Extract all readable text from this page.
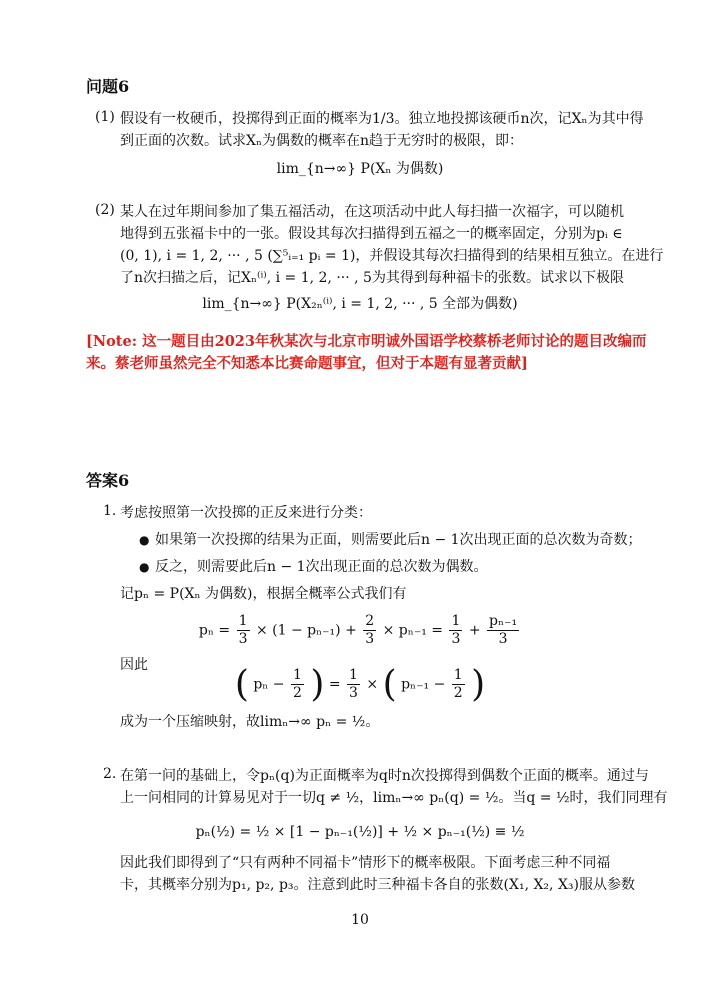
问题6
(1) 假设有一枚硬币，投掷得到正面的概率为1/3。独立地投掷该硬币n次，记Xₙ为其中得
到正面的次数。试求Xₙ为偶数的概率在n趋于无穷时的极限，即：
lim_{n→∞} P(Xₙ 为偶数)
(2) 某人在过年期间参加了集五福活动，在这项活动中此人每扫描一次福字，可以随机
地得到五张福卡中的一张。假设其每次扫描得到五福之一的概率固定，分别为pᵢ ∈
(0, 1), i = 1, 2, ··· , 5 (∑⁵ᵢ₌₁ pᵢ = 1)，并假设其每次扫描得到的结果相互独立。在进行
了n次扫描之后，记Xₙ⁽ⁱ⁾, i = 1, 2, ··· , 5为其得到每种福卡的张数。试求以下极限
lim_{n→∞} P(X₂ₙ⁽ⁱ⁾, i = 1, 2, ··· , 5 全部为偶数)
[Note: 这一题目由2023年秋某次与北京市明诚外国语学校蔡桥老师讨论的题目改编而
来。蔡老师虽然完全不知悉本比赛命题事宜，但对于本题有显著贡献]
答案6
1. 考虑按照第一次投掷的正反来进行分类：
● 如果第一次投掷的结果为正面，则需要此后n − 1次出现正面的总次数为奇数；
● 反之，则需要此后n − 1次出现正面的总次数为偶数。
记pₙ = P(Xₙ 为偶数)，根据全概率公式我们有
$p_n = \frac{1}{3} \times (1 - p_{n-1}) + \frac{2}{3} \times p_{n-1} = \frac{1}{3} + \frac{\text{pₙ₋₁}}{3}$
因此	( $p_n - \frac{1}{2}$ ) = $\frac{1}{3}$ × ( $p_{n-1} - \frac{1}{2}$ )
成为一个压缩映射，故limₙ→∞ pₙ = ½。
2. 在第一问的基础上，令pₙ(q)为正面概率为q时n次投掷得到偶数个正面的概率。通过与
上一问相同的计算易见对于一切q ≠ ½，limₙ→∞ pₙ(q) = ½。当q = ½时，我们同理有
pₙ(½) = ½ × [1 − pₙ₋₁(½)] + ½ × pₙ₋₁(½) ≡ ½
因此我们即得到了“只有两种不同福卡”情形下的概率极限。下面考虑三种不同福
卡，其概率分别为p₁, p₂, p₃。注意到此时三种福卡各自的张数(X₁, X₂, X₃)服从参数
10
